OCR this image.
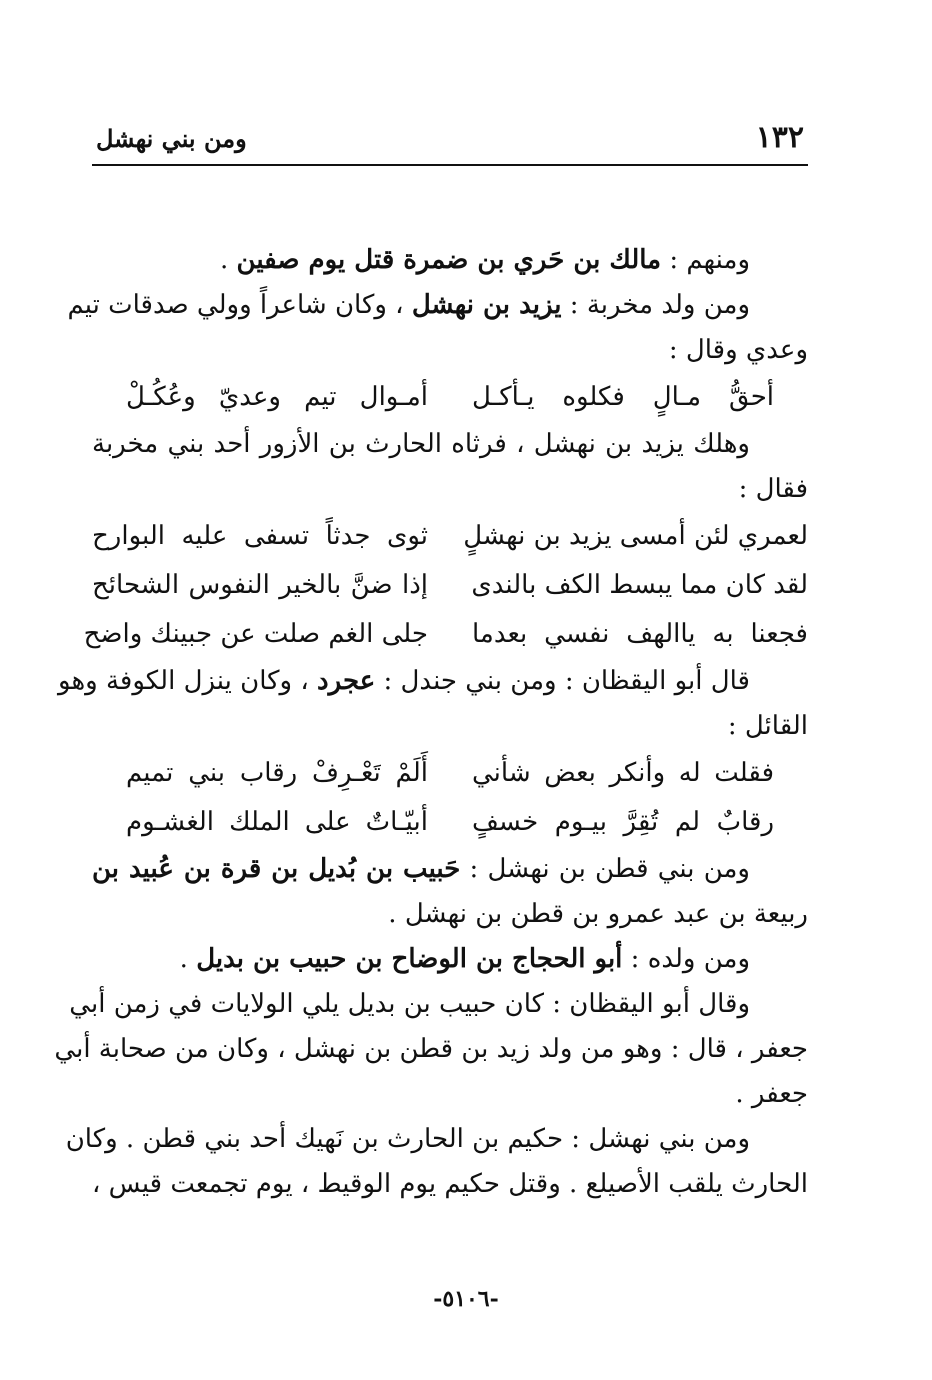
١٣٢
ومن بني نهشل
ومنهم : مالك بن حَري بن ضمرة قتل يوم صفين .
ومن ولد مخربة : يزيد بن نهشل ، وكان شاعراً وولي صدقات تيم
وعدي وقال :
أحقُّ مـالٍ فكلوه يـأكـل
أمـوال تيم وعديّ وعُكُـلْ
وهلك يزيد بن نهشل ، فرثاه الحارث بن الأزور أحد بني مخربة
فقال :
لعمري لئن أمسى يزيد بن نهشلٍ
ثوى جدثاً تسفى عليه البوارح
لقد كان مما يبسط الكف بالندى
إذا ضنَّ بالخير النفوس الشحائح
فجعنا به ياالهف نفسي بعدما
جلى الغم صلت عن جبينك واضح
قال أبو اليقظان : ومن بني جندل : عجرد ، وكان ينزل الكوفة وهو
القائل :
فقلت له وأنكر بعض شأني
أَلَمْ تَعْـرِفْ رقاب بني تميم
رقابٌ لم تُقِرَّ بيـوم خسفٍ
أبيّـاتٌ على الملك الغشـوم
ومن بني قطن بن نهشل : حَبيب بن بُديل بن قرة بن عُبيد بن
ربيعة بن عبد عمرو بن قطن بن نهشل .
ومن ولده : أبو الحجاج بن الوضاح بن حبيب بن بديل .
وقال أبو اليقظان : كان حبيب بن بديل يلي الولايات في زمن أبي
جعفر ، قال : وهو من ولد زيد بن قطن بن نهشل ، وكان من صحابة أبي
جعفر .
ومن بني نهشل : حكيم بن الحارث بن نَهيك أحد بني قطن . وكان
الحارث يلقب الأصيلع . وقتل حكيم يوم الوقيط ، يوم تجمعت قيس ،
-٥١٠٦-
